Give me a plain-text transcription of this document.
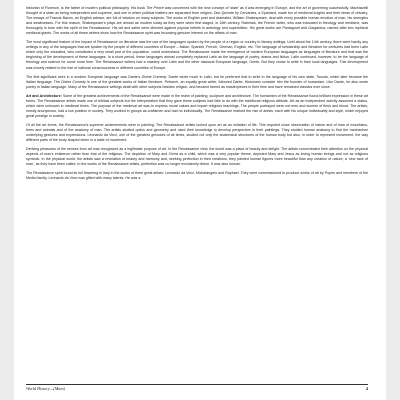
historian of Florence, is the father of modern political philosophy. His book The Prince was concerned with the new concept of 'state' as it was emerging in Europe, and the art of governing successfully. Machiavelli thought of a state as being independent and supreme, and one in which political matters are separated from religion. Don Quixote by Cervantes, a Spaniard, made fun of medieval knights and their ideas of chivalry. The essays of Francis Bacon, an English advisor, are full of wisdom on many subjects. The works of English poet and dramatist, William Shakespeare, deal with every possible human emotion of man, his strengths and weaknesses. For this reason, Shakespeare's plays are almost as modern today as they were when first staged, in 16th century. Rabelais, the French writer, who was educated in theology and medicine, was thoroughly in tune with the spirit of the Renaissance. His wit and satire were directed against popular beliefs in astrology and superstition. His great works are Pantagruel and Gargantua, named after two mythical medieval giants. The works of all these writers show how the Renaissance spirit was focussing genuine interest on the affairs of man.

The most significant feature of the impact of Renaissance on literature was the use of the languages spoken by the people of a region or country in literary writings. Until about the 14th century, there were hardly any writings in any of the languages that are spoken by the people of different countries of Europe – Italian, Spanish, French, German, English, etc. The language of scholarship and literature for centuries had been Latin which only the educated, who constituted a very small part of the population, could understand. The Renaissance made the emergence of modern European languages as languages of literature and that was the beginning of the development of these languages. In a short period, these languages almost completely replaced Latin as the language of poetry, drama and fiction. Latin continued, however, to be the language of theology and science for some more time. The Renaissance writers had a mastery over Latin and the other classical European language, Greek. But they chose to write in their local languages. This development was closely related to the rise of national consciousness in different countries of Europe.

The first significant work in a modern European language was Dante's Divine Comedy. Dante wrote much in Latin, but he preferred that to write in the language of his own state, Tuscan, which later became the Italian language. The Divine Comedy is one of the greatest works of Italian literature. Petrarch, an equally great writer, followed Dante. Historians consider him the founder of humanism. Like Dante, he also wrote poetry in Italian language. Many of the Renaissance writings dealt with other subjects besides religion, and became famed as masterpieces in their time and have remained classics ever since.

Art and Architecture: Some of the greatest achievements of the Renaissance were made in the realm of painting, sculpture and architecture. The humanism of the Renaissance found brilliant expression in these art forms. The Renaissance artists made use of biblical subjects but the interpretation that they gave these subjects had little to do with the traditional religious attitude. Art as an independent activity assumed a status, which were unknown in medieval times. The purpose of the medieval art was to express moral values and impart religious teachings. The people portrayed were not men and women of flesh and blood. The artists, mostly anonymous, had a low position in society. They worked in groups as craftsmen and had no individuality. The Renaissance marked the rise of artists, each with his unique individuality and style, which enjoyed great prestige in society.

Of all the art forms, the Renaissance's supreme achievements were in painting. The Renaissance artists looked upon art as an imitation of life. This required close observation of nature and of man of mountains, trees and animals and of the anatomy of man. The artists studied optics and geometry and used their knowledge to develop perspective in their paintings. They studied human anatomy to find the mechanism underlying gestures and expressions. Leonardo da Vinci, one of the greatest geniuses of all times, studied not only the anatomical structures of the human body but also, in order to represent movement, the way different parts of the body shaped when in a state of movement.

Deriving pleasures of the senses from art was recognized as a legitimate purpose of art. In the Renaissance view, the world was a place of beauty and delight. The artists concentrated their attention on the physical aspects of man's existence rather than that of the religious. The depiction of Mary and Christ as a child, which was a very popular theme, depicted Mary and Jesus as loving human beings and not as religious symbols. In the physical world, the artists saw a revelation of beauty and harmony and, seeking perfection in their creations, they painted human figures more beautiful than any creation of nature, a 'new race of man', as they have been called. In the works of the Renaissance artists, perfection was no longer exclusively divine. It was also human.

The Renaissance spirit found its full flowering in Italy in the works of three great artists: Leonardo da Vinci, Michelangelo and Raphael. They were commissioned to produce works of art by Popes and members of the Medici family. Leonardo da Vinci was gifted with many talents. He was a

World History—(Main)	4
